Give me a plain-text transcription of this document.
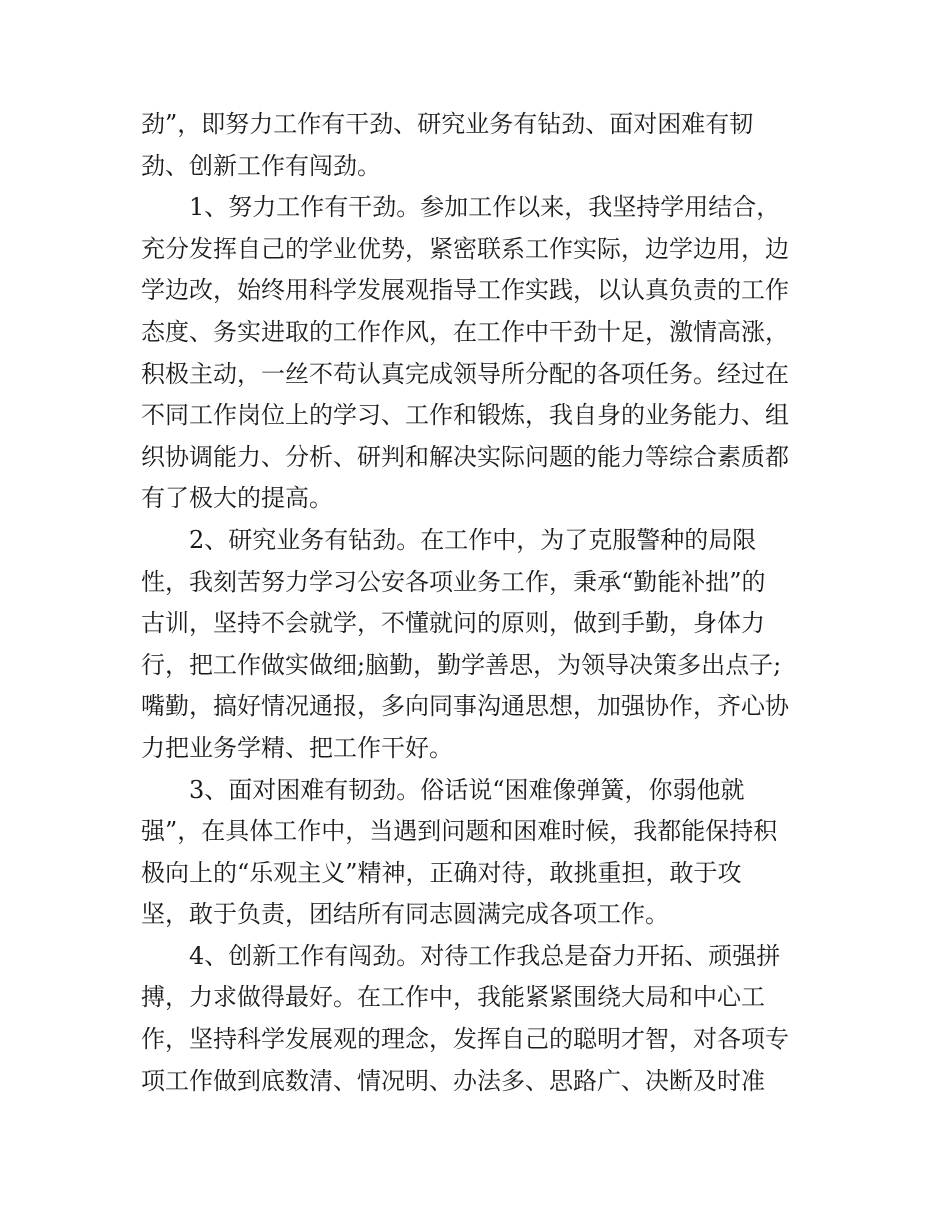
劲”，即努力工作有干劲、研究业务有钻劲、面对困难有韧
劲、创新工作有闯劲。
1、努力工作有干劲。参加工作以来，我坚持学用结合，
充分发挥自己的学业优势，紧密联系工作实际，边学边用，边
学边改，始终用科学发展观指导工作实践，以认真负责的工作
态度、务实进取的工作作风，在工作中干劲十足，激情高涨，
积极主动，一丝不苟认真完成领导所分配的各项任务。经过在
不同工作岗位上的学习、工作和锻炼，我自身的业务能力、组
织协调能力、分析、研判和解决实际问题的能力等综合素质都
有了极大的提高。
2、研究业务有钻劲。在工作中，为了克服警种的局限
性，我刻苦努力学习公安各项业务工作，秉承“勤能补拙”的
古训，坚持不会就学，不懂就问的原则，做到手勤，身体力
行，把工作做实做细;脑勤，勤学善思，为领导决策多出点子;
嘴勤，搞好情况通报，多向同事沟通思想，加强协作，齐心协
力把业务学精、把工作干好。
3、面对困难有韧劲。俗话说“困难像弹簧，你弱他就
强”，在具体工作中，当遇到问题和困难时候，我都能保持积
极向上的“乐观主义”精神，正确对待，敢挑重担，敢于攻
坚，敢于负责，团结所有同志圆满完成各项工作。
4、创新工作有闯劲。对待工作我总是奋力开拓、顽强拼
搏，力求做得最好。在工作中，我能紧紧围绕大局和中心工
作，坚持科学发展观的理念，发挥自己的聪明才智，对各项专
项工作做到底数清、情况明、办法多、思路广、决断及时准
